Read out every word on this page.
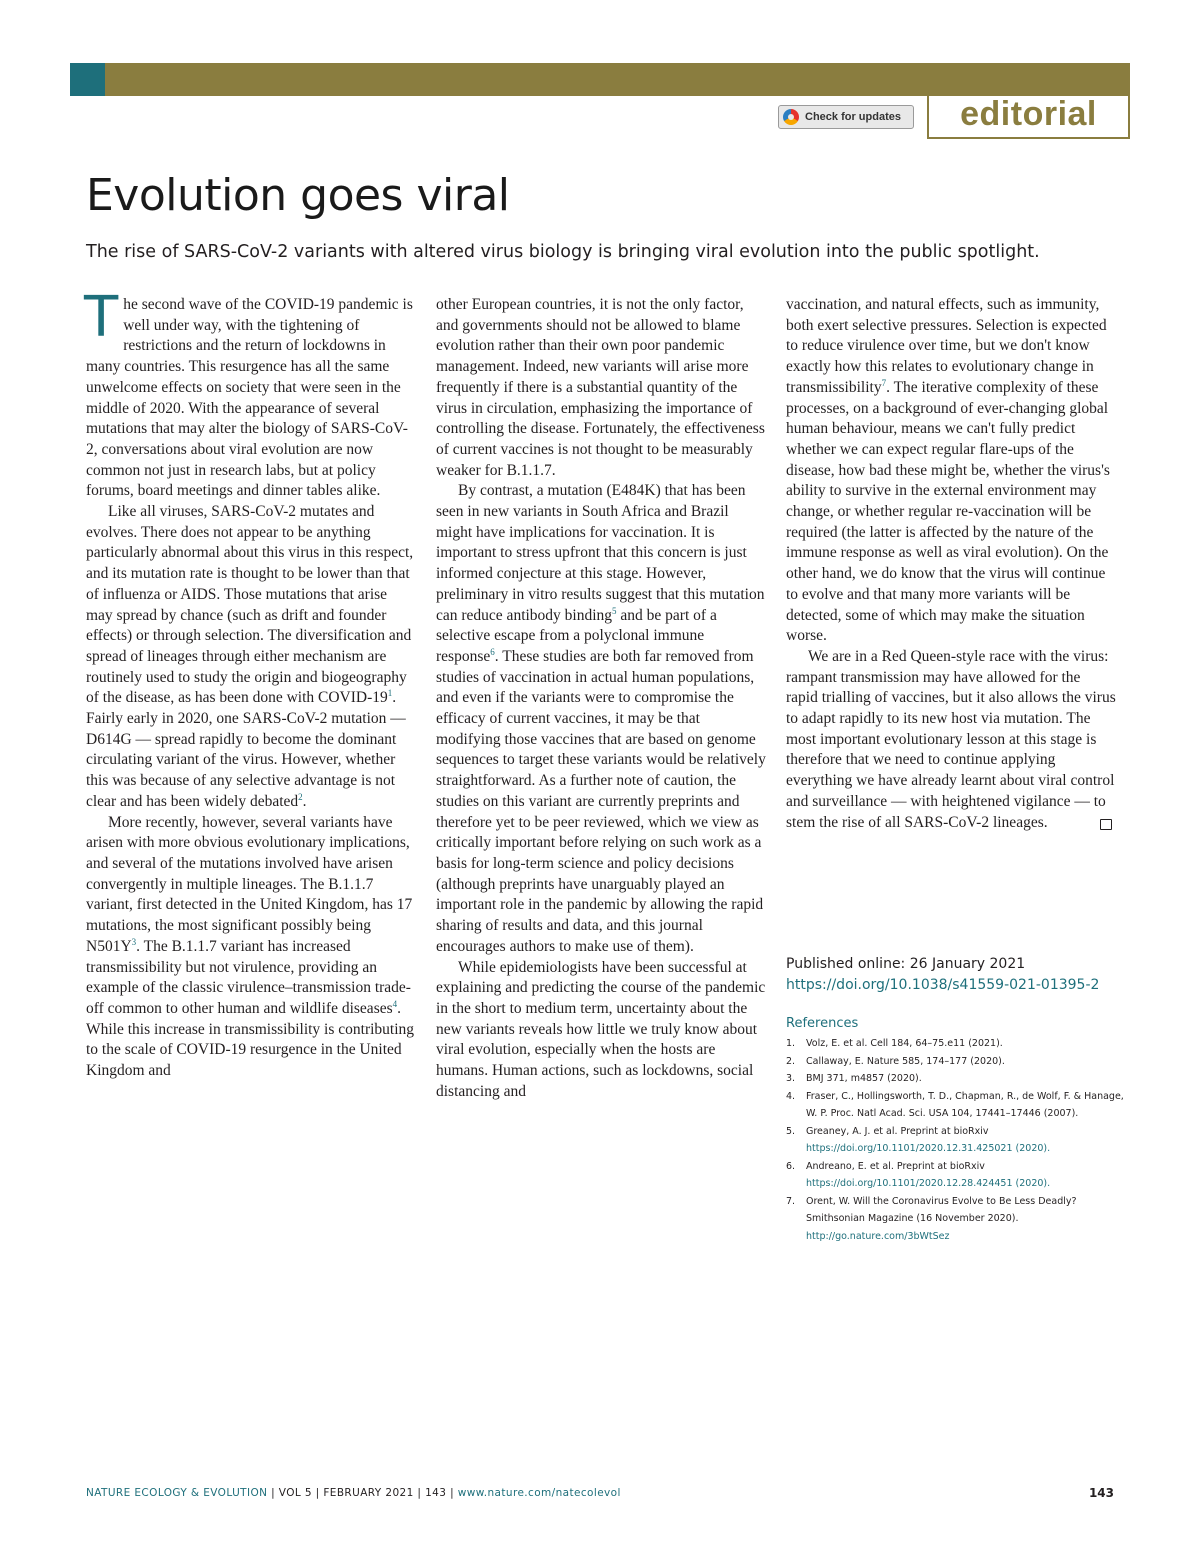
Check for updates editorial
Evolution goes viral

The rise of SARS-CoV-2 variants with altered virus biology is bringing viral evolution into the public spotlight.

The second wave of the COVID-19 pandemic is well under way, with the tightening of restrictions and the return of lockdowns in many countries. This resurgence has all the same unwelcome effects on society that were seen in the middle of 2020. With the appearance of several mutations that may alter the biology of SARS-CoV-2, conversations about viral evolution are now common not just in research labs, but at policy forums, board meetings and dinner tables alike.

Like all viruses, SARS-CoV-2 mutates and evolves. There does not appear to be anything particularly abnormal about this virus in this respect, and its mutation rate is thought to be lower than that of influenza or AIDS. Those mutations that arise may spread by chance (such as drift and founder effects) or through selection. The diversification and spread of lineages through either mechanism are routinely used to study the origin and biogeography of the disease, as has been done with COVID-$19^1$. Fairly early in 2020, one SARS-CoV-2 mutation — D614G — spread rapidly to become the dominant circulating variant of the virus. However, whether this was because of any selective advantage is not clear and has been widely debated$^2$.

More recently, however, several variants have arisen with more obvious evolutionary implications, and several of the mutations involved have arisen convergently in multiple lineages. The B.1.1.7 variant, first detected in the United Kingdom, has 17 mutations, the most significant possibly being $N501Y^3$. The B.1.1.7 variant has increased transmissibility but not virulence, providing an example of the classic virulence–transmission trade-off common to other human and wildlife diseases$^4$. While this increase in transmissibility is contributing to the scale of COVID-19 resurgence in the United Kingdom and

other European countries, it is not the only factor, and governments should not be allowed to blame evolution rather than their own poor pandemic management. Indeed, new variants will arise more frequently if there is a substantial quantity of the virus in circulation, emphasizing the importance of controlling the disease. Fortunately, the effectiveness of current vaccines is not thought to be measurably weaker for B.1.1.7.

By contrast, a mutation (E484K) that has been seen in new variants in South Africa and Brazil might have implications for vaccination. It is important to stress upfront that this concern is just informed conjecture at this stage. However, preliminary in vitro results suggest that this mutation can reduce antibody binding$^5$ and be part of a selective escape from a polyclonal immune response$^6$. These studies are both far removed from studies of vaccination in actual human populations, and even if the variants were to compromise the efficacy of current vaccines, it may be that modifying those vaccines that are based on genome sequences to target these variants would be relatively straightforward. As a further note of caution, the studies on this variant are currently preprints and therefore yet to be peer reviewed, which we view as critically important before relying on such work as a basis for long-term science and policy decisions (although preprints have unarguably played an important role in the pandemic by allowing the rapid sharing of results and data, and this journal encourages authors to make use of them).

While epidemiologists have been successful at explaining and predicting the course of the pandemic in the short to medium term, uncertainty about the new variants reveals how little we truly know about viral evolution, especially when the hosts are humans. Human actions, such as lockdowns, social distancing and

vaccination, and natural effects, such as immunity, both exert selective pressures. Selection is expected to reduce virulence over time, but we don't know exactly how this relates to evolutionary change in transmissibility$^7$. The iterative complexity of these processes, on a background of ever-changing global human behaviour, means we can't fully predict whether we can expect regular flare-ups of the disease, how bad these might be, whether the virus's ability to survive in the external environment may change, or whether regular re-vaccination will be required (the latter is affected by the nature of the immune response as well as viral evolution). On the other hand, we do know that the virus will continue to evolve and that many more variants will be detected, some of which may make the situation worse.

We are in a Red Queen-style race with the virus: rampant transmission may have allowed for the rapid trialling of vaccines, but it also allows the virus to adapt rapidly to its new host via mutation. The most important evolutionary lesson at this stage is therefore that we need to continue applying everything we have already learnt about viral control and surveillance — with heightened vigilance — to stem the rise of all SARS-CoV-2 lineages.

Published online: 26 January 2021
https://doi.org/10.1038/s41559-021-01395-2
References
1. Volz, E. et al. Cell 184, 64–75.e11 (2021).
2. Callaway, E. Nature 585, 174–177 (2020).
3. BMJ 371, m4857 (2020).
4. Fraser, C., Hollingsworth, T. D., Chapman, R., de Wolf, F. & Hanage, W. P. Proc. Natl Acad. Sci. USA 104, 17441–17446 (2007).
5. Greaney, A. J. et al. Preprint at bioRxiv https://doi.org/10.1101/2020.12.31.425021 (2020).
6. Andreano, E. et al. Preprint at bioRxiv https://doi.org/10.1101/2020.12.28.424451 (2020).
7. Orent, W. Will the Coronavirus Evolve to Be Less Deadly? Smithsonian Magazine (16 November 2020). http://go.nature.com/3bWtSez
NATURE ECOLOGY & EVOLUTION | VOL 5 | FEBRUARY 2021 | 143 | www.nature.com/natecolevol	143
